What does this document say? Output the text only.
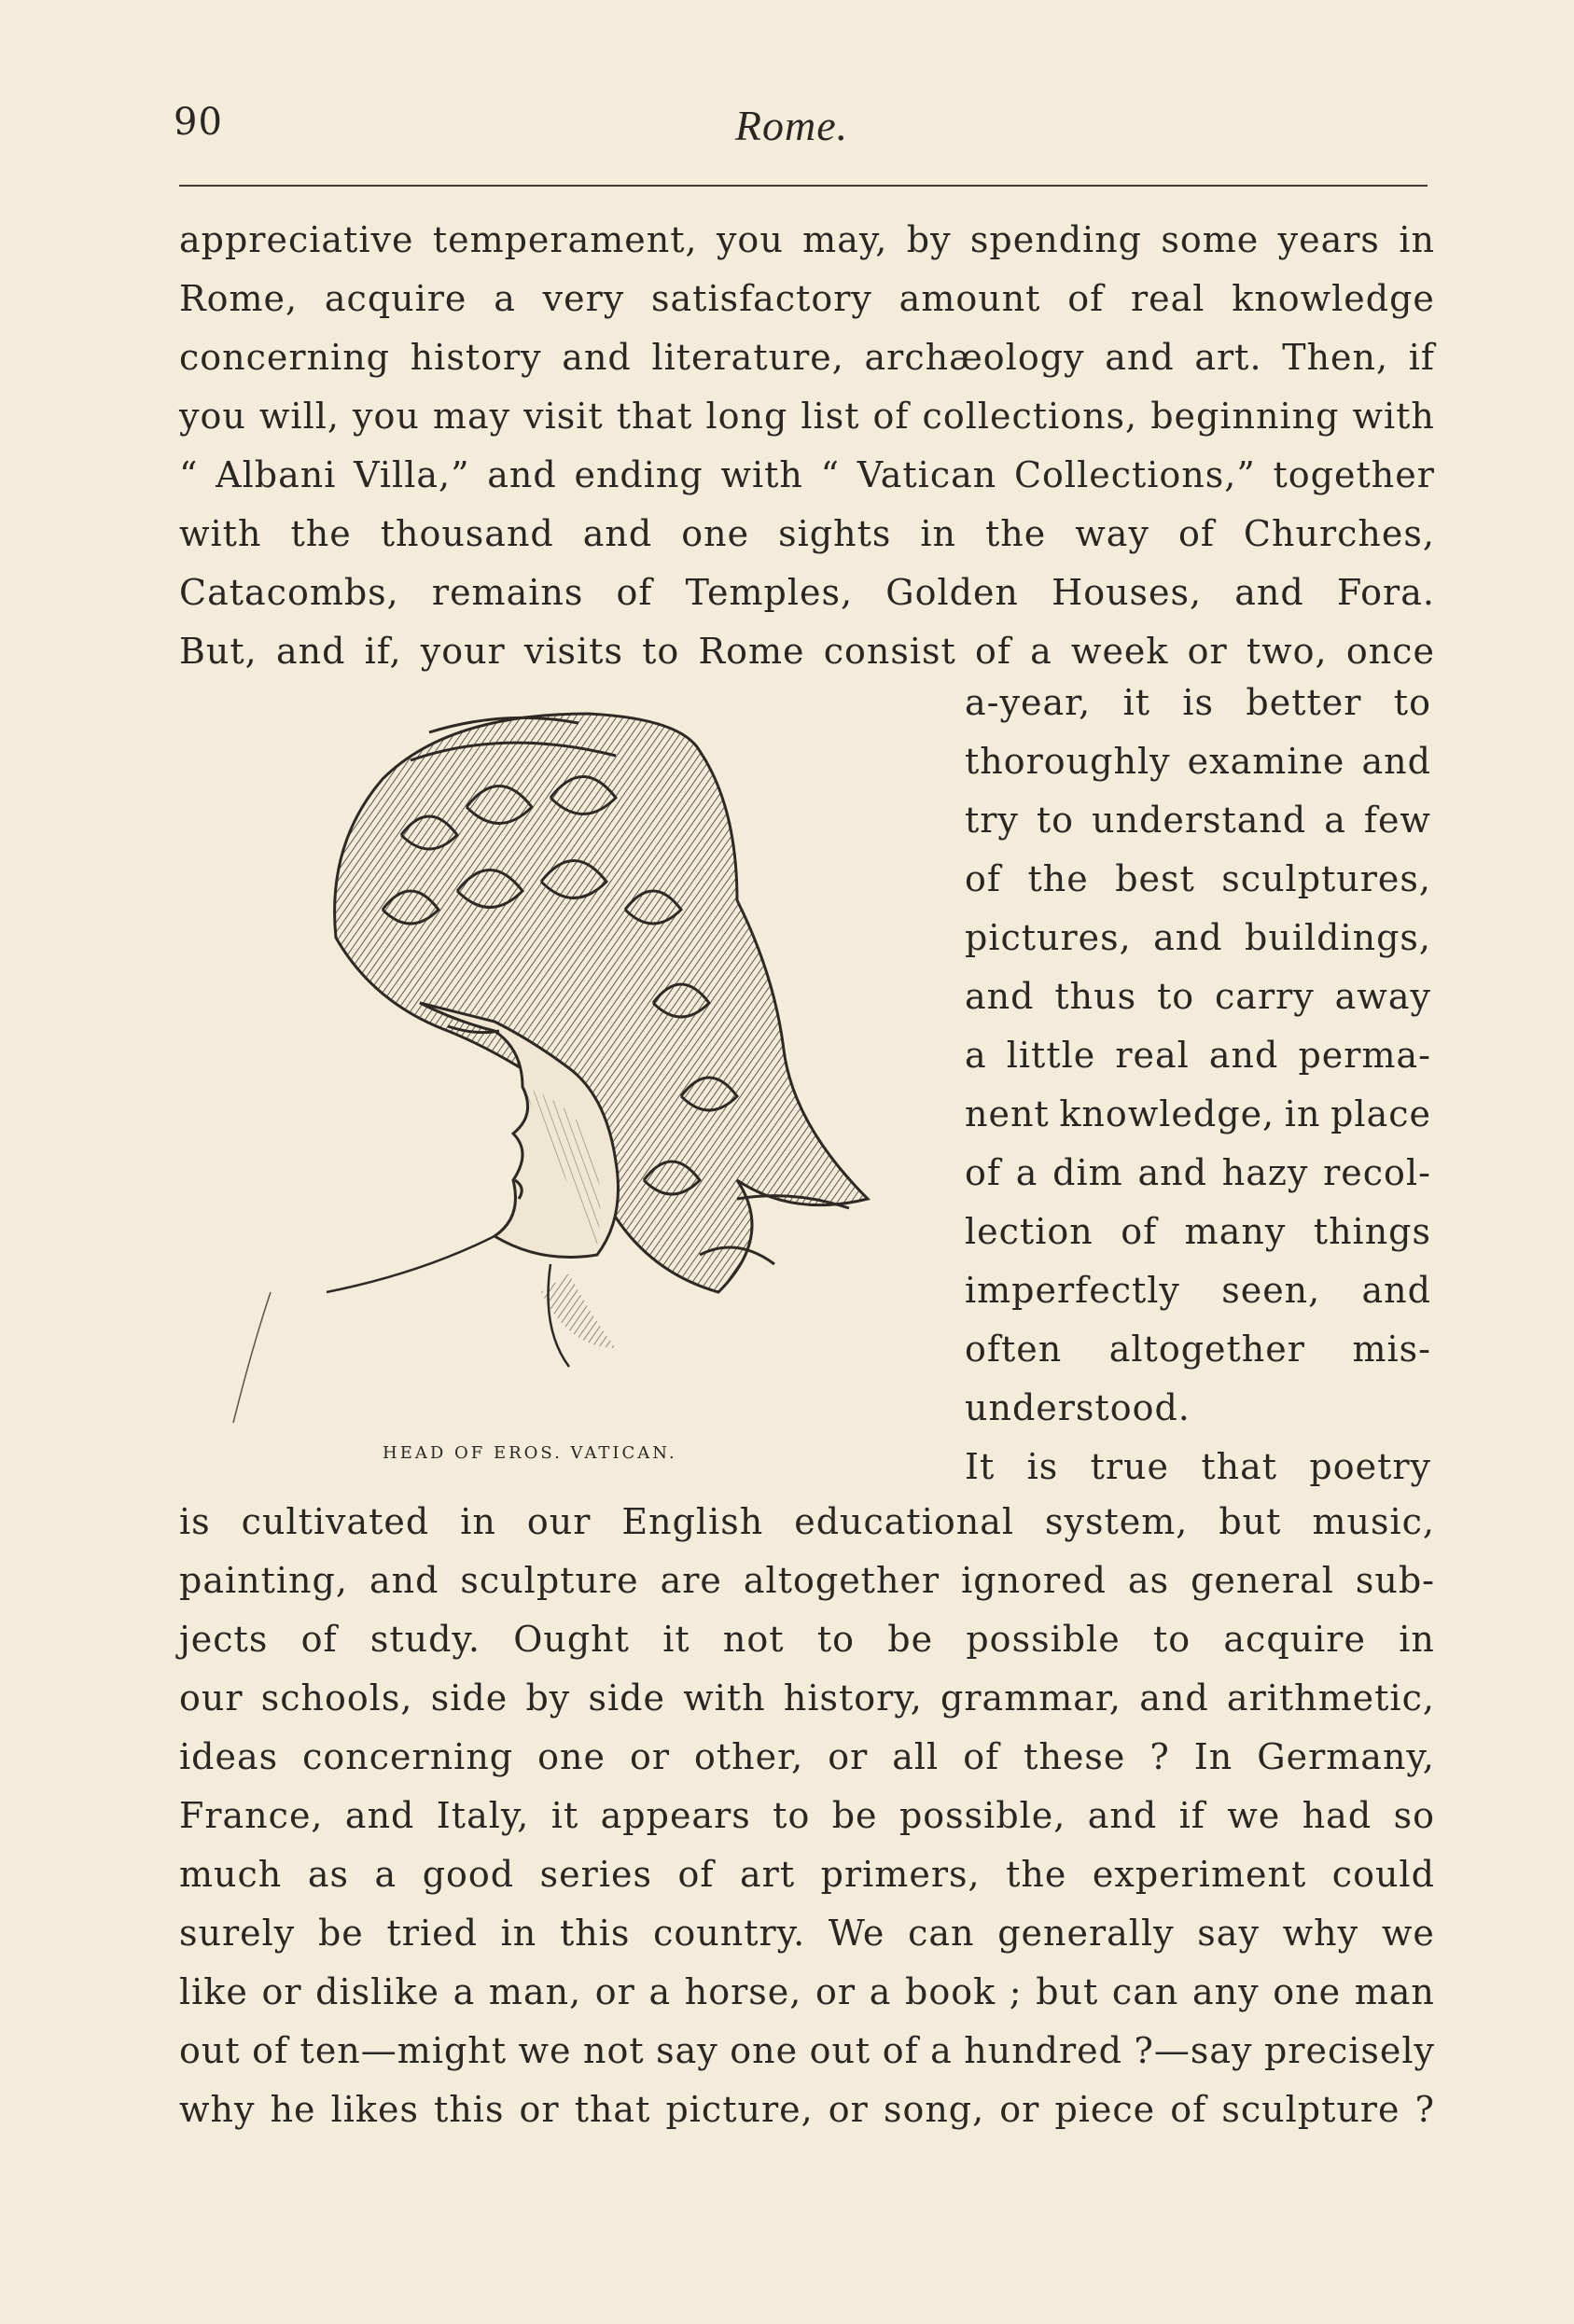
90	Rome.
appreciative temperament, you may, by spending some years in
Rome, acquire a very satisfactory amount of real knowledge
concerning history and literature, archæology and art. Then, if
you will, you may visit that long list of collections, beginning with
“ Albani Villa,” and ending with “ Vatican Collections,” together
with the thousand and one sights in the way of Churches,
Catacombs, remains of Temples, Golden Houses, and Fora.
But, and if, your visits to Rome consist of a week or two, once
a-year, it is better to
thoroughly examine and
try to understand a few
of the best sculptures,
pictures, and buildings,
and thus to carry away
a little real and perma-
nent knowledge, in place
of a dim and hazy recol-
lection of many things
imperfectly seen, and
often altogether mis-
understood.
It is true that poetry
HEAD OF EROS. VATICAN.
is cultivated in our English educational system, but music,
painting, and sculpture are altogether ignored as general sub-
jects of study. Ought it not to be possible to acquire in
our schools, side by side with history, grammar, and arithmetic,
ideas concerning one or other, or all of these ? In Germany,
France, and Italy, it appears to be possible, and if we had so
much as a good series of art primers, the experiment could
surely be tried in this country. We can generally say why we
like or dislike a man, or a horse, or a book ; but can any one man
out of ten—might we not say one out of a hundred ?—say precisely
why he likes this or that picture, or song, or piece of sculpture ?
